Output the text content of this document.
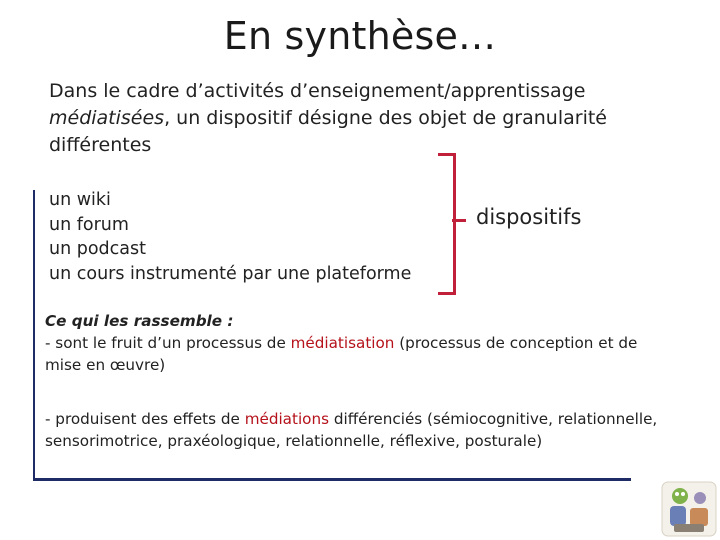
En synthèse…
Dans le cadre d’activités d’enseignement/apprentissage
médiatisées, un dispositif désigne des objet de granularité
différentes
un wiki
un forum
un podcast
un cours instrumenté par une plateforme
dispositifs

Ce qui les rassemble :

- sont le fruit d’un processus de médiatisation (processus de conception et de mise en œuvre)

- produisent des effets de médiations différenciés (sémiocognitive, relationnelle, sensorimotrice, praxéologique, relationnelle, réflexive, posturale)
